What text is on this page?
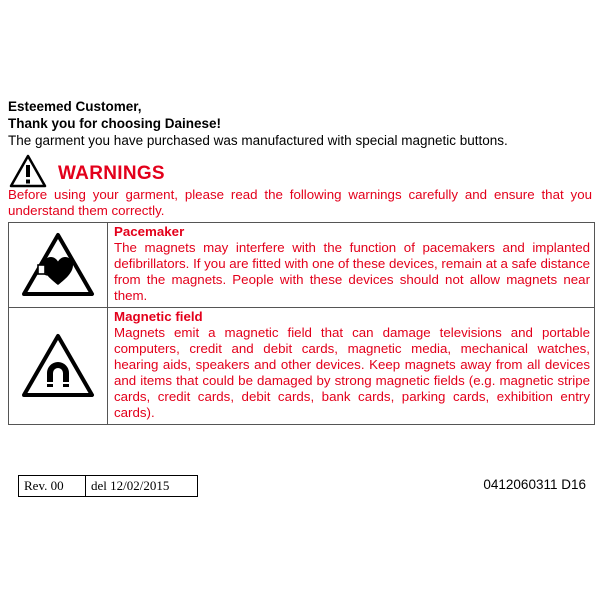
Esteemed Customer,
Thank you for choosing Dainese!
The garment you have purchased was manufactured with special magnetic buttons.
WARNINGS
Before using your garment, please read the following warnings carefully and ensure that you understand them correctly.

Pacemaker
The magnets may interfere with the function of pacemakers and implanted defibrillators. If you are fitted with one of these devices, remain at a safe distance from the magnets. People with these devices should not allow magnets near them.

Magnetic field
Magnets emit a magnetic field that can damage televisions and portable computers, credit and debit cards, magnetic media, mechanical watches, hearing aids, speakers and other devices. Keep magnets away from all devices and items that could be damaged by strong magnetic fields (e.g. magnetic stripe cards, credit cards, debit cards, bank cards, parking cards, exhibition entry cards).
Rev. 00	del 12/02/2015	0412060311 D16
